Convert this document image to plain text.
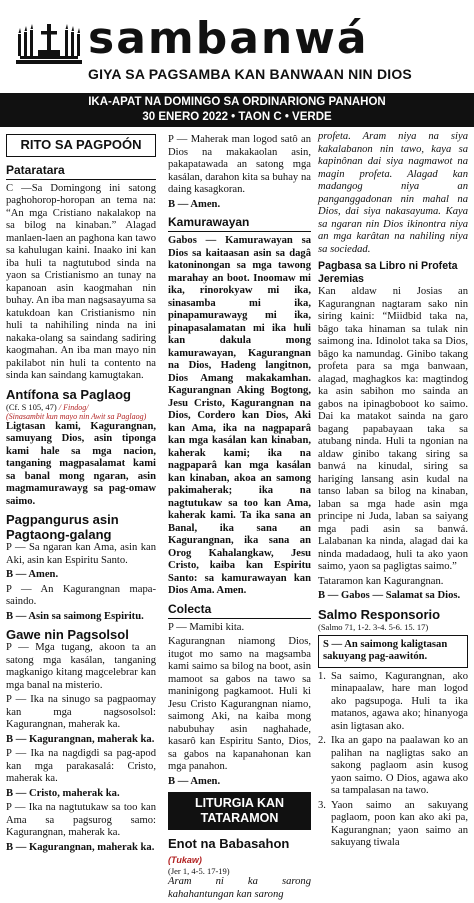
sambanwá
GIYA SA PAGSAMBA KAN BANWAAN NIN DIOS
IKA-APAT NA DOMINGO SA ORDINARIONG PANAHON
30 ENERO 2022 • TAON C • VERDE
RITO SA PAGPOÓN
Pataratara

C —Sa Domingong ini satong paghohorop-horopan an tema na: “An mga Cristiano nakalakop na sa bilog na kinaban.” Alagad manlaen-laen an paghona kan tawo sa kahulugan kaini. Inaako ini kan iba huli ta nagtutubod sinda na yaon sa Cristianismo an tunay na kapanoan asin kaogmahan nin buhay. An iba man nagsasayuma sa katukdoan kan Cristianismo nin huli ta nahihiling ninda na ini nakaka-olang sa saindang sadiring kaogmahan. An iba man mayo nin pakilabot nin huli ta contento na sinda kan saindang kamugtakan.

Antífona sa Paglaog
(Cf. S 105, 47) / Findog/
(Sinasambit kun mayo nin Awit sa Paglaog)

Ligtasan kami, Kagurangnan, samuyang Dios, asin tiponga kami hale sa mga nacion, tanganing magpasalamat kami sa banal mong ngaran, asin magmamurawayg sa pag-omaw saimo.

Pagpangurus asin Pagtaong-galang

P — Sa ngaran kan Ama, asin kan Aki, asin kan Espiritu Santo.

B — Amen.

P — An Kagurangnan mapa-saindo.

B — Asin sa saimong Espiritu.

Gawe nin Pagsolsol

P — Mga tugang, akoon ta an satong mga kasálan, tanganing magkanigo kitang magcelebrar kan mga banal na misterio.

P — Ika na sinugo sa pagpaomay kan mga nagsosolsol: Kagurangnan, maherak ka.

B — Kagurangnan, maherak ka.

P — Ika na nagdigdi sa pag-apod kan mga parakasalá: Cristo, maherak ka.

B — Cristo, maherak ka.

P — Ika na nagtutukaw sa too kan Ama sa pagsurog samo: Kagurangnan, maherak ka.

B — Kagurangnan, maherak ka.

P — Maherak man logod satô an Dios na makakaolan asin, pakapatawada an satong mga kasálan, darahon kita sa buhay na daing kasagkoran.

B — Amen.

Kamurawayan

Gabos — Kamurawayan sa Dios sa kaitaasan asin sa dagâ katoninongan sa mga tawong marahay an boot. Inoomaw mi ika, rinorokyaw mi ika, sinasamba mi ika, pinapamurawayg mi ika, pinapasalamatan mi ika huli kan dakula mong kamurawayan, Kagurangnan na Dios, Hadeng langitnon, Dios Amang makakamhan. Kagurangnan Aking Bogtong, Jesu Cristo, Kagurangnan na Dios, Cordero kan Dios, Aki kan Ama, ika na nagpaparâ kan mga kasálan kan kinaban, kaherak kami; ika na nagpaparâ kan mga kasálan kan kinaban, akoa an samong pakimaherak; ika na nagtutukaw sa too kan Ama, kaherak kami. Ta ika sana an Banal, ika sana an Kagurangnan, ika sana an Orog Kahalangkaw, Jesu Cristo, kaiba kan Espiritu Santo: sa kamurawayan kan Dios Ama. Amen.

Colecta

P — Mamibi kita.

Kagurangnan niamong Dios, itugot mo samo na magsamba kami saimo sa bilog na boot, asin mamoot sa gabos na tawo sa maninigong pagkamoot. Huli ki Jesu Cristo Kagurangnan niamo, saimong Aki, na kaiba mong nabubuhay asin naghahade, kasarô kan Espiritu Santo, Dios, sa gabos na kapanahonan kan mga panahon.

B — Amen.

LITURGIA KAN
TATARAMON
Enot na Babasahon (Tukaw)
(Jer 1, 4-5. 17-19)

Aram ni ka sarong kahahantungan kan sarong

profeta. Aram niya na siya kakalabanon nin tawo, kaya sa kapinônan dai siya nagmawot na magin profeta. Alagad kan madangog niya an panganggadonan nin mahal na Dios, dai siya nakasayuma. Kaya sa ngaran nin Dios ikinontra niya an mga karâtan na nahiling niya sa sociedad.

Pagbasa sa Libro ni Profeta Jeremias

Kan aldaw ni Josias an Kagurangnan nagtaram sako nin siring kaini: “Miidbid taka na, bâgo taka hinaman sa tulak nin saimong ina. Idinolot taka sa Dios, bâgo ka namundag. Ginibo takang profeta para sa mga banwaan, alagad, maghagkos ka: magtindog ka asin sabihon mo sainda an gabos na ipinagboboot ko saimo. Dai ka matakot sainda na garo bagang papabayaan taka sa atubang ninda. Huli ta ngonian na aldaw ginibo takang siring sa banwá na kinudal, siring sa harigíng lansang asin kudal na tanso laban sa bilog na kinaban, laban sa mga hade asin mga principe ni Juda, laban sa saiyang mga padi asin sa banwá. Lalabanan ka ninda, alagad dai ka ninda madadaog, huli ta ako yaon saimo, yaon sa pagligtas saimo.”

Tataramon kan Kagurangnan.

B — Gabos — Salamat sa Dios.

Salmo Responsorio
(Salmo 71, 1-2. 3-4. 5-6. 15. 17)
S — An saimong kaligtasan sakuyang pag-aawitón.
1. Sa saimo, Kagurangnan, ako minapaalaw, hare man logod ako pagsupoga. Huli ta ika matanos, agawa ako; hinanyoga asin ligtasan ako.
2. Ika an gapo na paalawan ko an palihan na nagligtas sako an sakong paglaom asin kusog yaon saimo. O Dios, agawa ako sa tampalasan na tawo.
3. Yaon saimo an sakuyang paglaom, poon kan ako aki pa, Kagurangnan; yaon saimo an sakuyang tiwala
